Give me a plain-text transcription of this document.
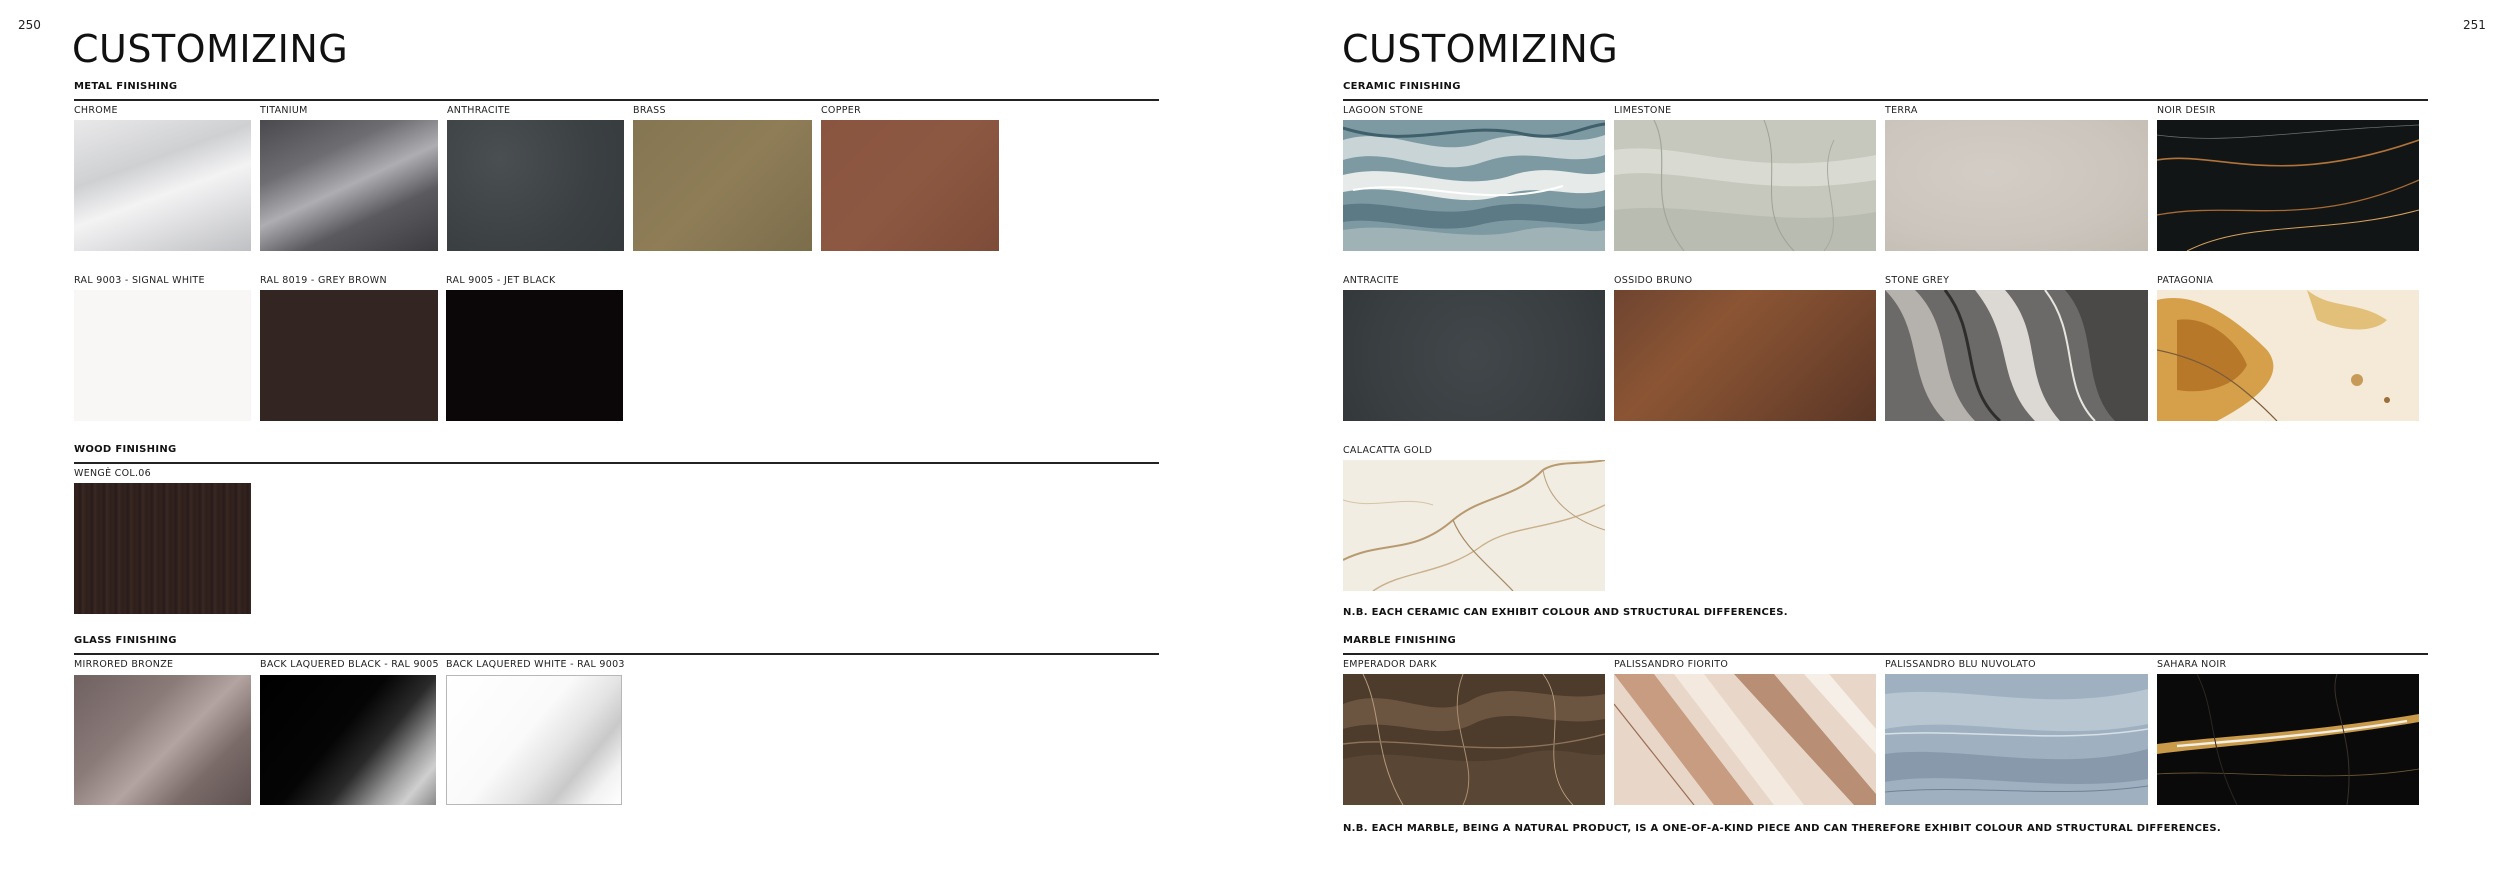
250
CUSTOMIZING
METAL FINISHING
CHROME	TITANIUM	ANTHRACITE	BRASS	COPPER
RAL 9003 - SIGNAL WHITE	RAL 8019 - GREY BROWN	RAL 9005 - JET BLACK
WOOD FINISHING
WENGÈ COL.06
GLASS FINISHING
MIRRORED BRONZE	BACK LAQUERED BLACK - RAL 9005 BACK LAQUERED WHITE - RAL 9003
251
CUSTOMIZING
CERAMIC FINISHING
LAGOON STONE	LIMESTONE	TERRA	NOIR DESIR
ANTRACITE	OSSIDO BRUNO	STONE GREY	PATAGONIA
CALACATTA GOLD
N.B. EACH CERAMIC CAN EXHIBIT COLOUR AND STRUCTURAL DIFFERENCES.
MARBLE FINISHING
EMPERADOR DARK	PALISSANDRO FIORITO	PALISSANDRO BLU NUVOLATO	SAHARA NOIR
N.B. EACH MARBLE, BEING A NATURAL PRODUCT, IS A ONE-OF-A-KIND PIECE AND CAN THEREFORE EXHIBIT COLOUR AND STRUCTURAL DIFFERENCES.
